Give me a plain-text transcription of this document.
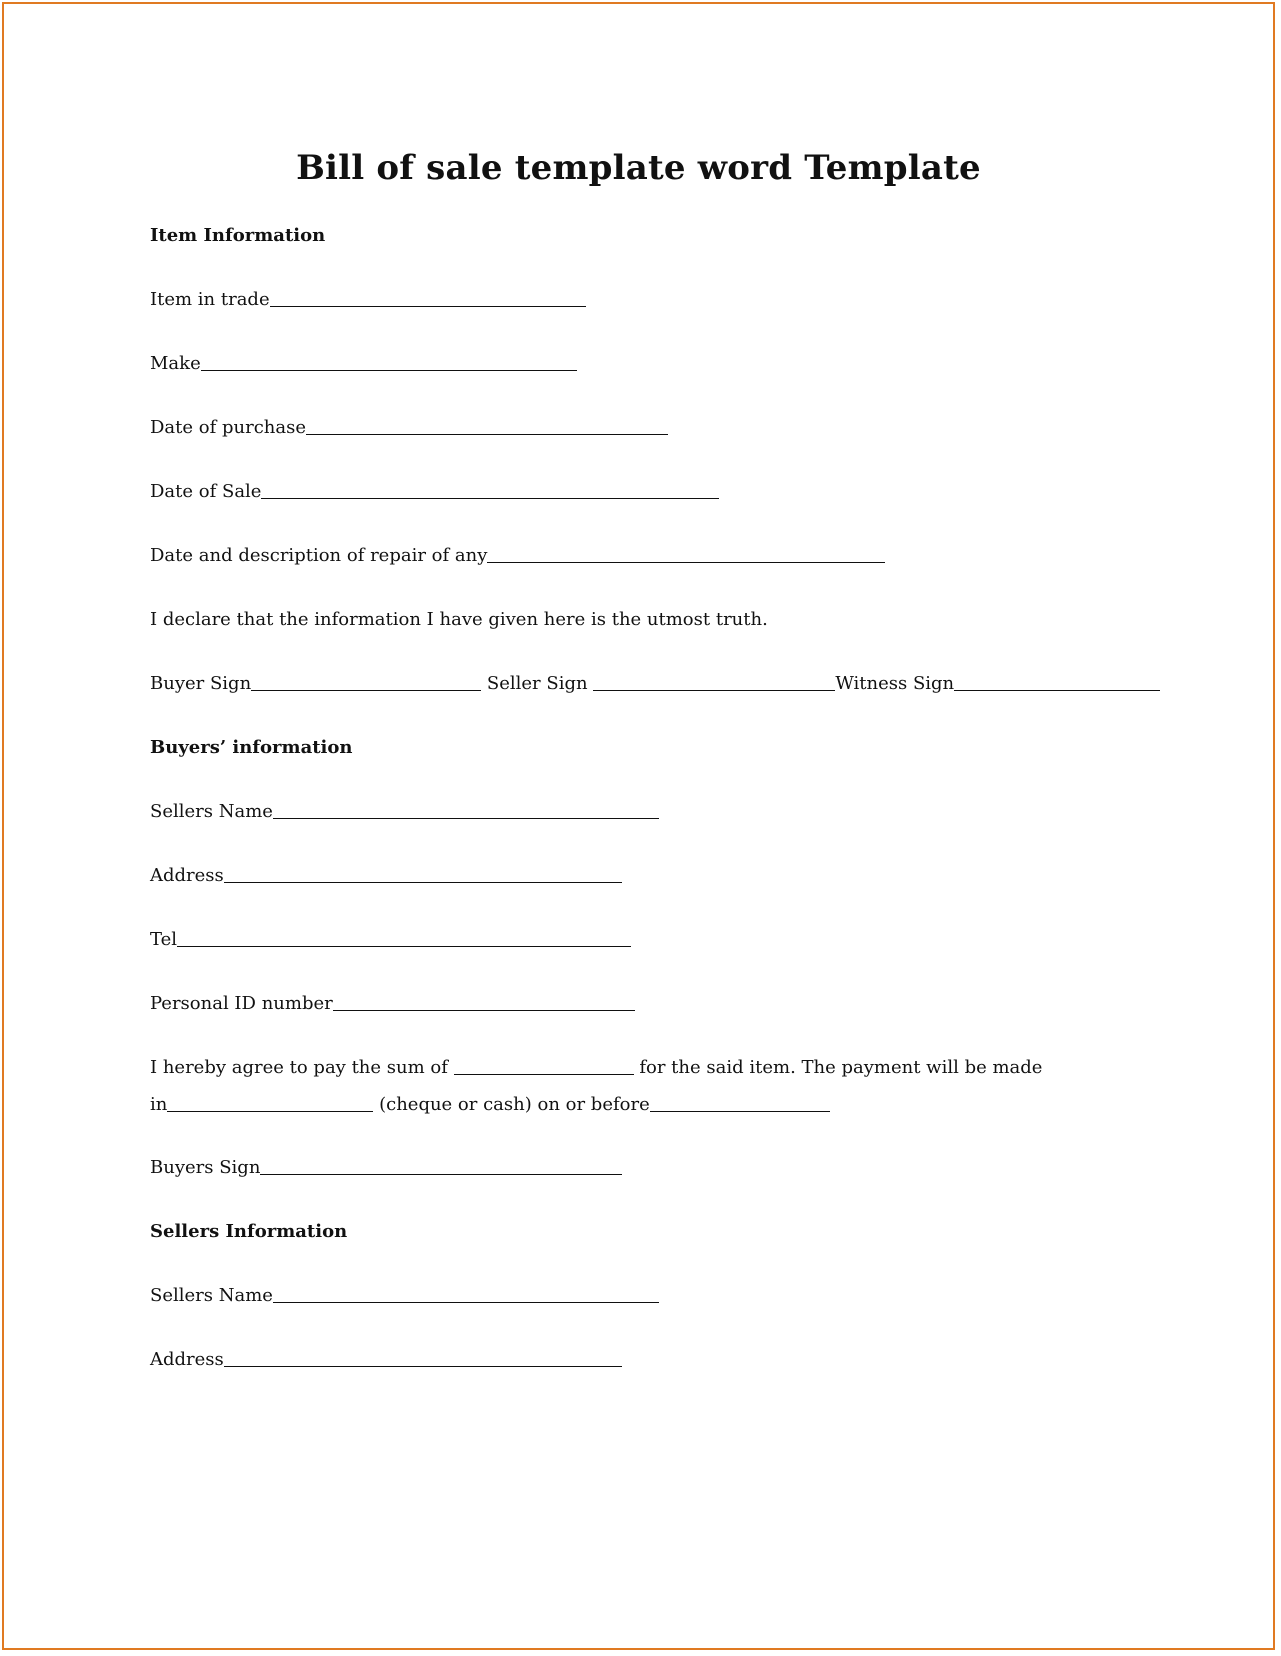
Bill of sale template word Template
Item Information
Item in trade
Make
Date of purchase
Date of Sale
Date and description of repair of any
I declare that the information I have given here is the utmost truth.
Buyer Sign	Seller Sign	Witness Sign
Buyers’ information
Sellers Name
Address
Tel
Personal ID number
I hereby agree to pay the sum of	for the said item. The payment will be made
in	(cheque or cash) on or before
Buyers Sign
Sellers Information
Sellers Name
Address
